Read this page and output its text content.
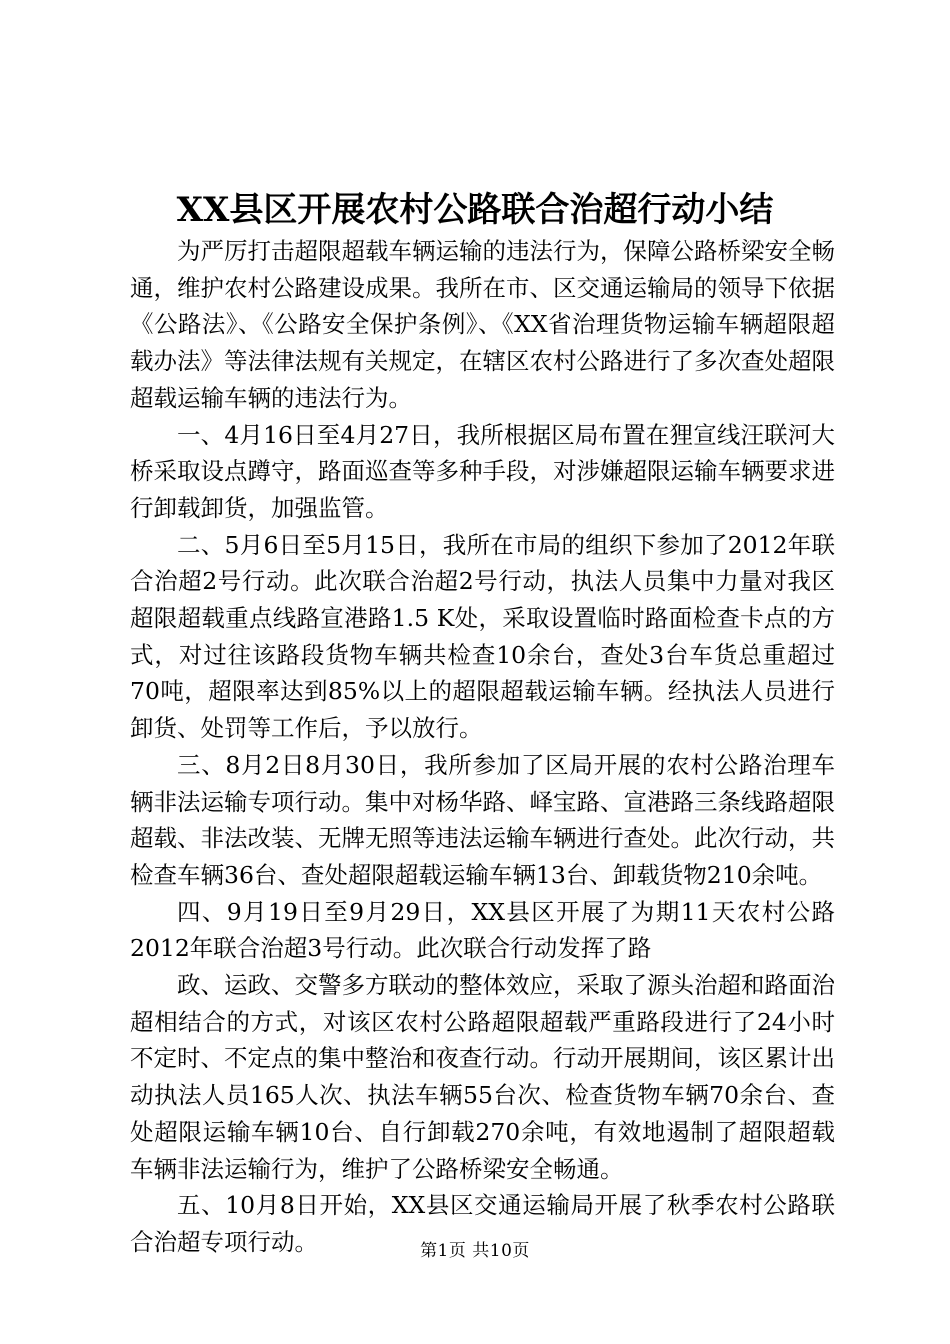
XX县区开展农村公路联合治超行动小结

为严厉打击超限超载车辆运输的违法行为，保障公路桥梁安全畅通，维护农村公路建设成果。我所在市、区交通运输局的领导下依据《公路法》、《公路安全保护条例》、《XX省治理货物运输车辆超限超载办法》等法律法规有关规定，在辖区农村公路进行了多次查处超限超载运输车辆的违法行为。

一、4月16日至4月27日，我所根据区局布置在狸宣线汪联河大桥采取设点蹲守，路面巡查等多种手段，对涉嫌超限运输车辆要求进行卸载卸货，加强监管。

二、5月6日至5月15日，我所在市局的组织下参加了2012年联合治超2号行动。此次联合治超2号行动，执法人员集中力量对我区超限超载重点线路宣港路1.5 K处，采取设置临时路面检查卡点的方式，对过往该路段货物车辆共检查10余台，查处3台车货总重超过70吨，超限率达到85%以上的超限超载运输车辆。经执法人员进行卸货、处罚等工作后，予以放行。

三、8月2日8月30日，我所参加了区局开展的农村公路治理车辆非法运输专项行动。集中对杨华路、峄宝路、宣港路三条线路超限超载、非法改装、无牌无照等违法运输车辆进行查处。此次行动，共检查车辆36台、查处超限超载运输车辆13台、卸载货物210余吨。

四、9月19日至9月29日，XX县区开展了为期11天农村公路2012年联合治超3号行动。此次联合行动发挥了路

政、运政、交警多方联动的整体效应，采取了源头治超和路面治超相结合的方式，对该区农村公路超限超载严重路段进行了24小时不定时、不定点的集中整治和夜查行动。行动开展期间，该区累计出动执法人员165人次、执法车辆55台次、检查货物车辆70余台、查处超限运输车辆10台、自行卸载270余吨，有效地遏制了超限超载车辆非法运输行为，维护了公路桥梁安全畅通。

五、10月8日开始，XX县区交通运输局开展了秋季农村公路联合治超专项行动。	第1页 共10页
